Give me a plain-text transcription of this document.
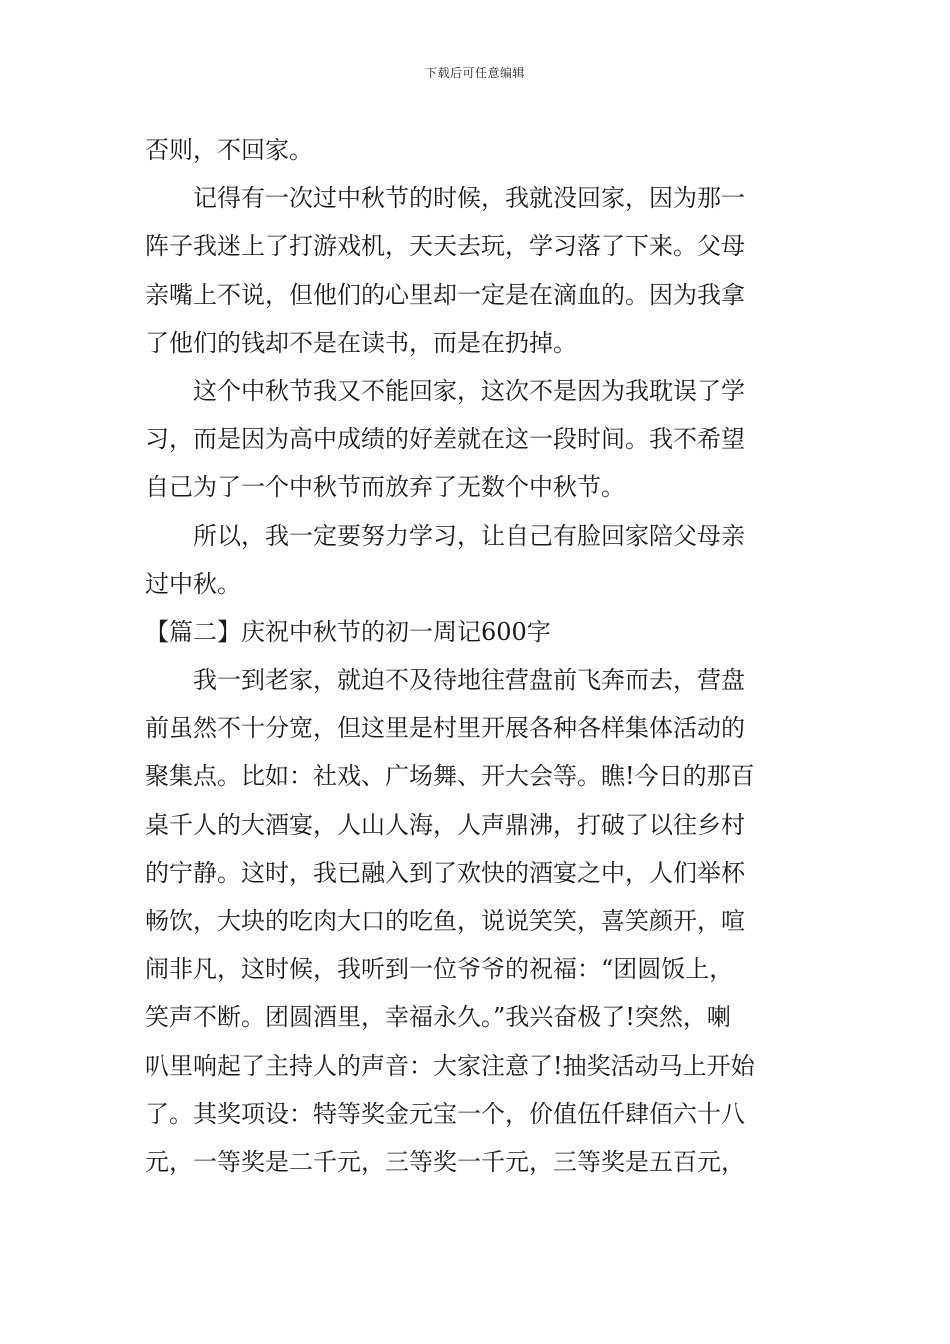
下载后可任意编辑
否则，不回家。
记得有一次过中秋节的时候，我就没回家，因为那一
阵子我迷上了打游戏机，天天去玩，学习落了下来。父母
亲嘴上不说，但他们的心里却一定是在滴血的。因为我拿
了他们的钱却不是在读书，而是在扔掉。
这个中秋节我又不能回家，这次不是因为我耽误了学
习，而是因为高中成绩的好差就在这一段时间。我不希望
自己为了一个中秋节而放弃了无数个中秋节。
所以，我一定要努力学习，让自己有脸回家陪父母亲
过中秋。
【篇二】庆祝中秋节的初一周记600字
我一到老家，就迫不及待地往营盘前飞奔而去，营盘
前虽然不十分宽，但这里是村里开展各种各样集体活动的
聚集点。比如：社戏、广场舞、开大会等。瞧!今日的那百
桌千人的大酒宴，人山人海，人声鼎沸，打破了以往乡村
的宁静。这时，我已融入到了欢快的酒宴之中，人们举杯
畅饮，大块的吃肉大口的吃鱼，说说笑笑，喜笑颜开，喧
闹非凡，这时候，我听到一位爷爷的祝福：“团圆饭上，
笑声不断。团圆酒里，幸福永久。”我兴奋极了!突然，喇
叭里响起了主持人的声音：大家注意了!抽奖活动马上开始
了。其奖项设：特等奖金元宝一个，价值伍仟肆佰六十八
元，一等奖是二千元，三等奖一千元，三等奖是五百元，
